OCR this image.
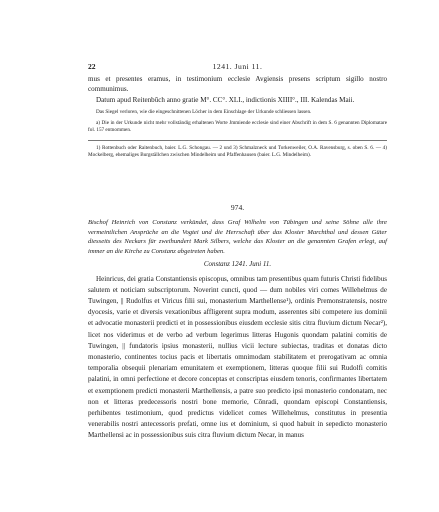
22	1241. Juni 11.

mus et presentes eramus, in testimonium ecclesie Avgiensis presens scriptum sigillo nostro communimus.

Datum apud Reitenbūch anno gratie M°. CC°. XLI., indictionis XIIII°., III. Kalendas Maii.

Das Siegel verloren, wie die eingeschnittenen Löcher in dem Einschlage der Urkunde schliessen lassen.

a) Die in der Urkunde nicht mehr vollständig erhaltenen Worte Jmmiende ecclesie sind einer Abschrift in dem S. 6 genannten Diplomatare fol. 157 entnommen.

1) Rottenbuch oder Raitenbuch, baier. L.G. Schongau. — 2 und 3) Schmalzneck und Torkenweiler, O.A. Ravensburg, s. oben S. 6. — 4) Mockelberg, ehemaliges Burgställchen zwischen Mindelheim und Pfaffenhausen (baier. L.G. Mindelheim).

974.

Bischof Heinrich von Constanz verkündet, dass Graf Wilhelm von Tübingen und seine Söhne alle ihre vermeintlichen Ansprüche an die Vogtei und die Herrschaft über das Kloster Marchthal und dessen Güter diesseits des Neckars für zweihundert Mark Silbers, welche das Kloster an die genannten Grafen erlegt, auf immer an die Kirche zu Constanz abgetreten haben.

Constanz 1241. Juni 11.

Heinricus, dei gratia Constantiensis episcopus, omnibus tam presentibus quam futuris Christi fidelibus salutem et noticiam subscriptorum. Noverint cuncti, quod — dum nobiles viri comes Willehelmus de Tuwingen, || Rudolfus et Viricus filii sui, monasterium Marthellense¹), ordinis Premonstratensis, nostre dyocesis, varie et diversis vexationibus affligerent supra modum, asserentes sibi competere ius dominii et advocatie monasterii predicti et in possessionibus eiusdem ecclesie sitis citra fluvium dictum Necar²), licet nos viderimus et de verbo ad verbum legerimus litteras Hugonis quondam palatini comitis de Tuwingen, || fundatoris ipsius monasterii, nullius vicii lecture subiectas, traditas et donatas dicto monasterio, continentes tocius pacis et libertatis omnimodam stabilitatem et prerogativam ac omnia temporalia obsequii plenariam emunitatem et exemptionem, litteras quoque filii sui Rudolfi comitis palatini, in omni perfectione et decore conceptas et conscriptas eiusdem tenoris, confirmantes libertatem et exemptionem predicti monasterii Marthellensis, a patre suo predicto ipsi monasterio condonatam, nec non et litteras predecessoris nostri bone memorie, Cōnradi, quondam episcopi Constantiensis, perhibentes testimonium, quod predictus videlicet comes Willehelmus, constitutus in presentia venerabilis nostri antecessoris prefati, omne ius et dominium, si quod habuit in sepedicto monasterio Marthellensi ac in possessionibus suis citra fluvium dictum Necar, in manus
